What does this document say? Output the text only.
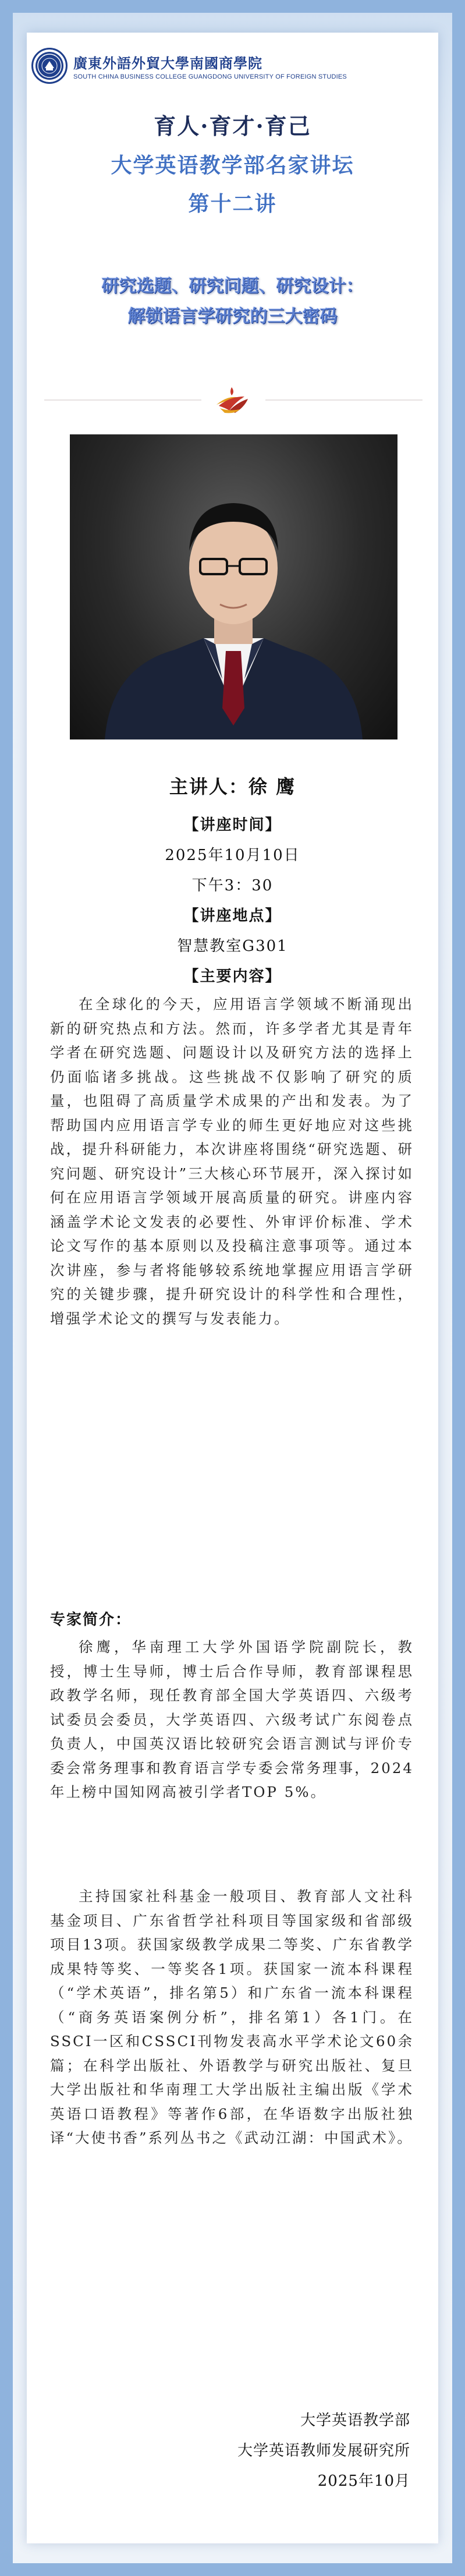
廣東外語外貿大學南國商學院
SOUTH CHINA BUSINESS COLLEGE GUANGDONG UNIVERSITY OF FOREIGN STUDIES
育人·育才·育己
大学英语教学部名家讲坛
第十二讲
研究选题、研究问题、研究设计：
解锁语言学研究的三大密码
主讲人：徐 鹰
【讲座时间】
2025年10月10日
下午3：30
【讲座地点】
智慧教室G301
【主要内容】

在全球化的今天，应用语言学领域不断涌现出新的研究热点和方法。然而，许多学者尤其是青年学者在研究选题、问题设计以及研究方法的选择上仍面临诸多挑战。这些挑战不仅影响了研究的质量，也阻碍了高质量学术成果的产出和发表。为了帮助国内应用语言学专业的师生更好地应对这些挑战，提升科研能力，本次讲座将围绕“研究选题、研究问题、研究设计”三大核心环节展开，深入探讨如何在应用语言学领域开展高质量的研究。讲座内容涵盖学术论文发表的必要性、外审评价标准、学术论文写作的基本原则以及投稿注意事项等。通过本次讲座，参与者将能够较系统地掌握应用语言学研究的关键步骤，提升研究设计的科学性和合理性，增强学术论文的撰写与发表能力。

专家简介：

徐鹰，华南理工大学外国语学院副院长，教授，博士生导师，博士后合作导师，教育部课程思政教学名师，现任教育部全国大学英语四、六级考试委员会委员，大学英语四、六级考试广东阅卷点负责人，中国英汉语比较研究会语言测试与评价专委会常务理事和教育语言学专委会常务理事，2024年上榜中国知网高被引学者TOP 5%。

主持国家社科基金一般项目、教育部人文社科基金项目、广东省哲学社科项目等国家级和省部级项目13项。获国家级教学成果二等奖、广东省教学成果特等奖、一等奖各1项。获国家一流本科课程（“学术英语”，排名第5）和广东省一流本科课程（“商务英语案例分析”，排名第1）各1门。在SSCI一区和CSSCI刊物发表高水平学术论文60余篇；在科学出版社、外语教学与研究出版社、复旦大学出版社和华南理工大学出版社主编出版《学术英语口语教程》等著作6部，在华语数字出版社独译“大使书香”系列丛书之《武动江湖：中国武术》。

大学英语教学部
大学英语教师发展研究所
2025年10月
